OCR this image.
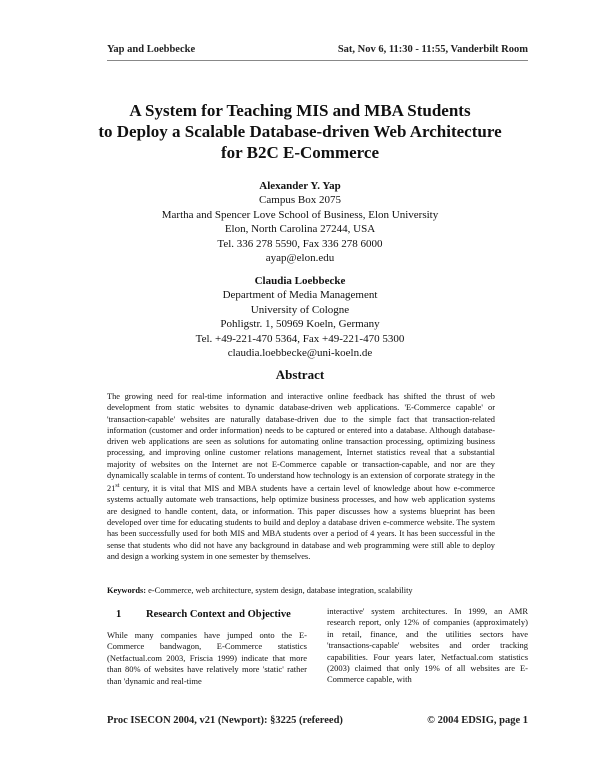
Yap and Loebbecke	Sat, Nov 6, 11:30 - 11:55, Vanderbilt Room
A System for Teaching MIS and MBA Students
to Deploy a Scalable Database-driven Web Architecture
for B2C E-Commerce
Alexander Y. Yap
Campus Box 2075
Martha and Spencer Love School of Business, Elon University
Elon, North Carolina 27244, USA
Tel. 336 278 5590, Fax 336 278 6000
ayap@elon.edu
Claudia Loebbecke
Department of Media Management
University of Cologne
Pohligstr. 1, 50969 Koeln, Germany
Tel. +49-221-470 5364, Fax +49-221-470 5300
claudia.loebbecke@uni-koeln.de
Abstract
The growing need for real-time information and interactive online feedback has shifted the thrust of web development from static websites to dynamic database-driven web applications. 'E-Commerce capable' or 'transaction-capable' websites are naturally database-driven due to the simple fact that transaction-related information (customer and order information) needs to be captured or entered into a database. Although database-driven web applications are seen as solutions for automating online transaction processing, optimizing business processing, and improving online customer relations management, Internet statistics reveal that a substantial majority of websites on the Internet are not E-Commerce capable or transaction-capable, and nor are they dynamically scalable in terms of content. To understand how technology is an extension of corporate strategy in the 21st century, it is vital that MIS and MBA students have a certain level of knowledge about how e-commerce systems actually automate web transactions, help optimize business processes, and how web application systems are designed to handle content, data, or information. This paper discusses how a systems blueprint has been developed over time for educating students to build and deploy a database driven e-commerce website. The system has been successfully used for both MIS and MBA students over a period of 4 years. It has been successful in the sense that students who did not have any background in database and web programming were still able to deploy and design a working system in one semester by themselves.
Keywords: e-Commerce, web architecture, system design, database integration, scalability
1 Research Context and Objective
While many companies have jumped onto the E-Commerce bandwagon, E-Commerce statistics (Netfactual.com 2003, Friscia 1999) indicate that more than 80% of websites have relatively more 'static' rather than 'dynamic and real-time
interactive' system architectures. In 1999, an AMR research report, only 12% of companies (approximately) in retail, finance, and the utilities sectors have 'transactions-capable' websites and order tracking capabilities. Four years later, Netfactual.com statistics (2003) claimed that only 19% of all websites are E-Commerce capable, with
Proc ISECON 2004, v21 (Newport): §3225 (refereed)	© 2004 EDSIG, page 1
